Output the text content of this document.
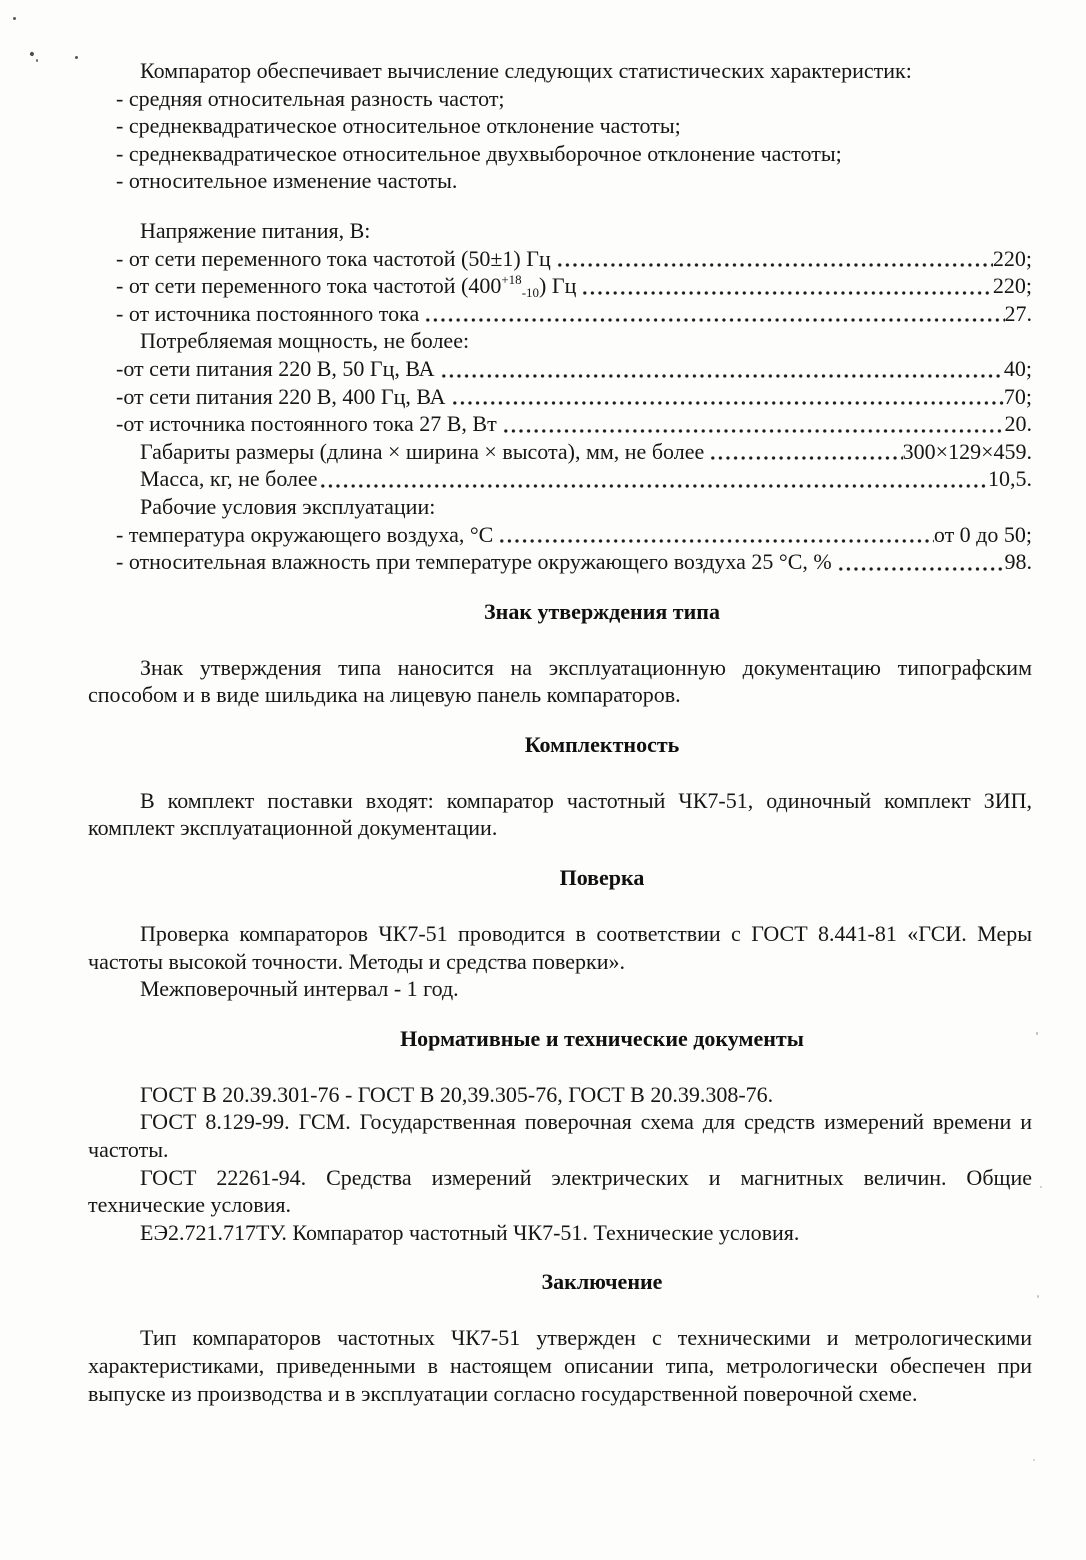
Компаратор обеспечивает вычисление следующих статистических характеристик:
- средняя относительная разность частот;
- среднеквадратическое относительное отклонение частоты;
- среднеквадратическое относительное двухвыборочное отклонение частоты;
- относительное изменение частоты.
Напряжение питания, В:
- от сети переменного тока частотой (50±1) Гц	220;
- от сети переменного тока частотой $(400^{+18}-10)$ Гц	220;
- от источника постоянного тока	27.
Потребляемая мощность, не более:
-от сети питания 220 В, 50 Гц, ВА	40;
-от сети питания 220 В, 400 Гц, ВА	70;
-от источника постоянного тока 27 В, Вт	20.
Габариты размеры (длина × ширина × высота), мм, не более	300×129×459.
Масса, кг, не более	10,5.
Рабочие условия эксплуатации:
- температура окружающего воздуха, °С	от 0 до 50;
- относительная влажность при температуре окружающего воздуха 25 °С, %	98.
Знак утверждения типа

Знак утверждения типа наносится на эксплуатационную документацию типографским способом и в виде шильдика на лицевую панель компараторов.

Комплектность

В комплект поставки входят: компаратор частотный ЧК7-51, одиночный комплект ЗИП, комплект эксплуатационной документации.

Поверка

Проверка компараторов ЧК7-51 проводится в соответствии с ГОСТ 8.441-81 «ГСИ. Меры частоты высокой точности. Методы и средства поверки».

Межповерочный интервал - 1 год.

Нормативные и технические документы

ГОСТ В 20.39.301-76 - ГОСТ В 20,39.305-76, ГОСТ В 20.39.308-76.

ГОСТ 8.129-99. ГСМ. Государственная поверочная схема для средств измерений времени и частоты.

ГОСТ 22261-94. Средства измерений электрических и магнитных величин. Общие технические условия.

ЕЭ2.721.717ТУ. Компаратор частотный ЧК7-51. Технические условия.

Заключение

Тип компараторов частотных ЧК7-51 утвержден с техническими и метрологическими характеристиками, приведенными в настоящем описании типа, метрологически обеспечен при выпуске из производства и в эксплуатации согласно государственной поверочной схеме.
